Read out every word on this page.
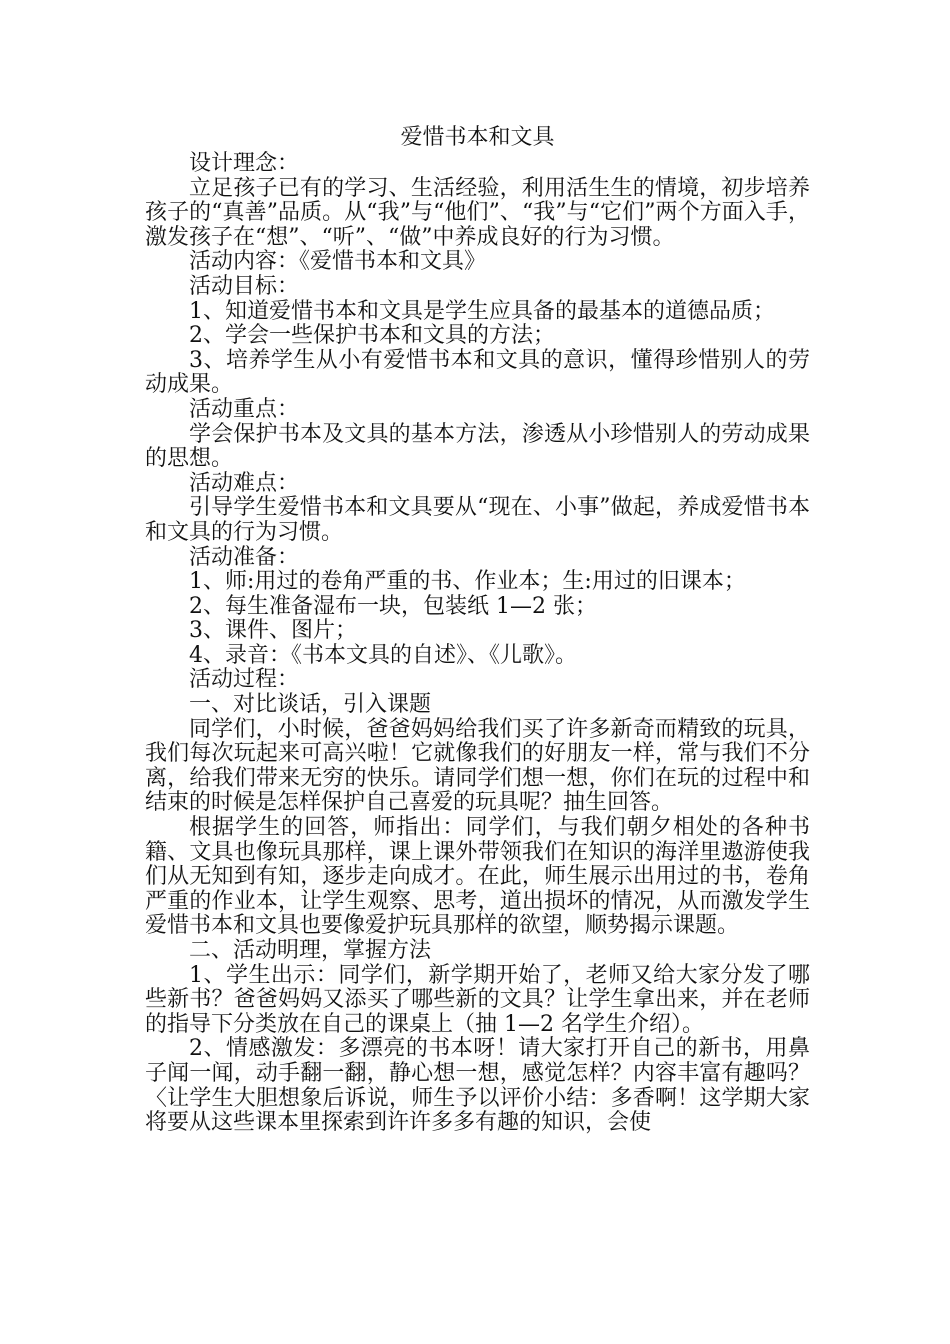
爱惜书本和文具

设计理念：

立足孩子已有的学习、生活经验，利用活生生的情境，初步培养孩子的“真善”品质。从“我”与“他们”、“我”与“它们”两个方面入手，激发孩子在“想”、“听”、“做”中养成良好的行为习惯。

活动内容：《爱惜书本和文具》

活动目标：

1、知道爱惜书本和文具是学生应具备的最基本的道德品质；

2、学会一些保护书本和文具的方法；

3、培养学生从小有爱惜书本和文具的意识，懂得珍惜别人的劳动成果。

活动重点：

学会保护书本及文具的基本方法，渗透从小珍惜别人的劳动成果的思想。

活动难点：

引导学生爱惜书本和文具要从“现在、小事”做起，养成爱惜书本和文具的行为习惯。

活动准备：

1、师:用过的卷角严重的书、作业本；生:用过的旧课本；

2、每生准备湿布一块，包装纸 1—2 张；

3、课件、图片；

4、录音：《书本文具的自述》、《儿歌》。

活动过程：

一、对比谈话，引入课题

同学们，小时候，爸爸妈妈给我们买了许多新奇而精致的玩具，我们每次玩起来可高兴啦！它就像我们的好朋友一样，常与我们不分离，给我们带来无穷的快乐。请同学们想一想，你们在玩的过程中和结束的时候是怎样保护自己喜爱的玩具呢？抽生回答。

根据学生的回答，师指出：同学们，与我们朝夕相处的各种书籍、文具也像玩具那样，课上课外带领我们在知识的海洋里遨游使我们从无知到有知，逐步走向成才。在此，师生展示出用过的书，卷角严重的作业本，让学生观察、思考，道出损坏的情况，从而激发学生爱惜书本和文具也要像爱护玩具那样的欲望，顺势揭示课题。

二、活动明理，掌握方法

1、学生出示：同学们，新学期开始了，老师又给大家分发了哪些新书？爸爸妈妈又添买了哪些新的文具？让学生拿出来，并在老师的指导下分类放在自己的课桌上（抽 1—2 名学生介绍）。

2、情感激发：多漂亮的书本呀！请大家打开自己的新书，用鼻子闻一闻，动手翻一翻，静心想一想，感觉怎样？内容丰富有趣吗？〈让学生大胆想象后诉说，师生予以评价小结：多香啊！这学期大家将要从这些课本里探索到许许多多有趣的知识，会使
